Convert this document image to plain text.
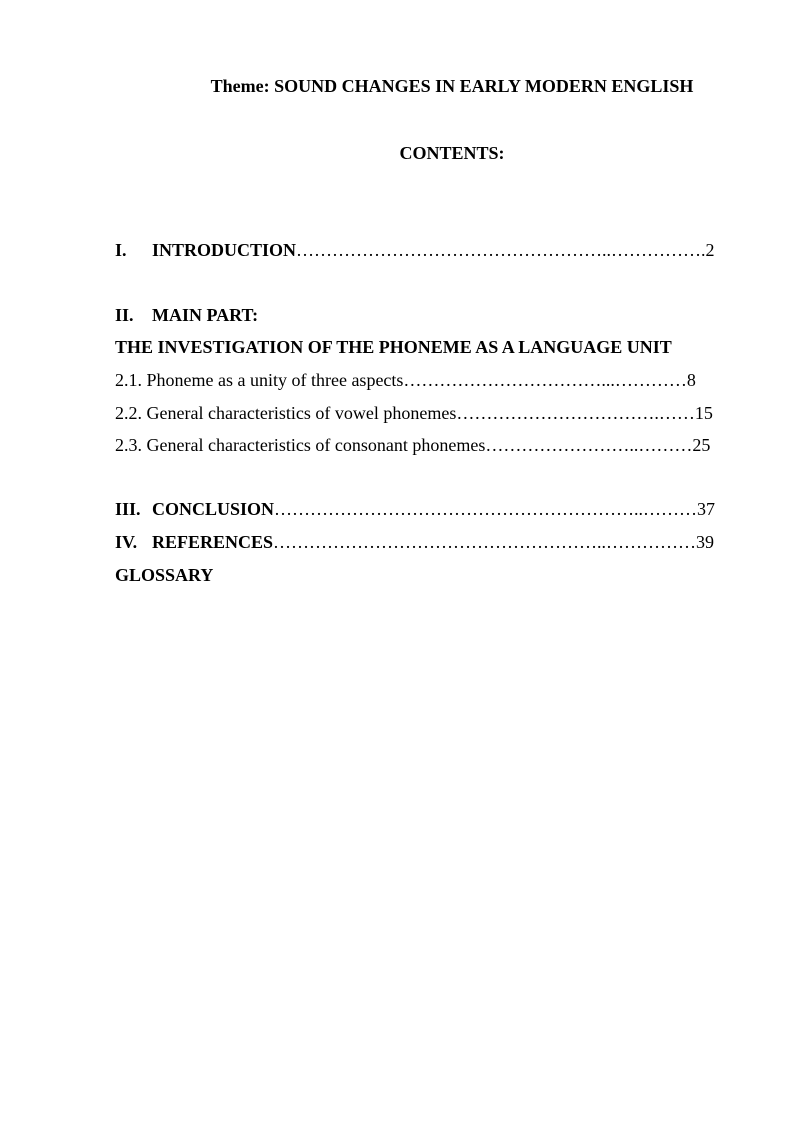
Theme: SOUND CHANGES IN EARLY MODERN ENGLISH
CONTENTS:
I. INTRODUCTION……………………………………………..…………….2
II. MAIN PART:
THE INVESTIGATION OF THE PHONEME AS A LANGUAGE UNIT
2.1. Phoneme as a unity of three aspects……………………………...…………8
2.2. General characteristics of vowel phonemes…………………………….……15
2.3. General characteristics of consonant phonemes……………………..………25
III. CONCLUSION……………………………………………………..………37
IV. REFERENCES………………………………………………..……………39
GLOSSARY
